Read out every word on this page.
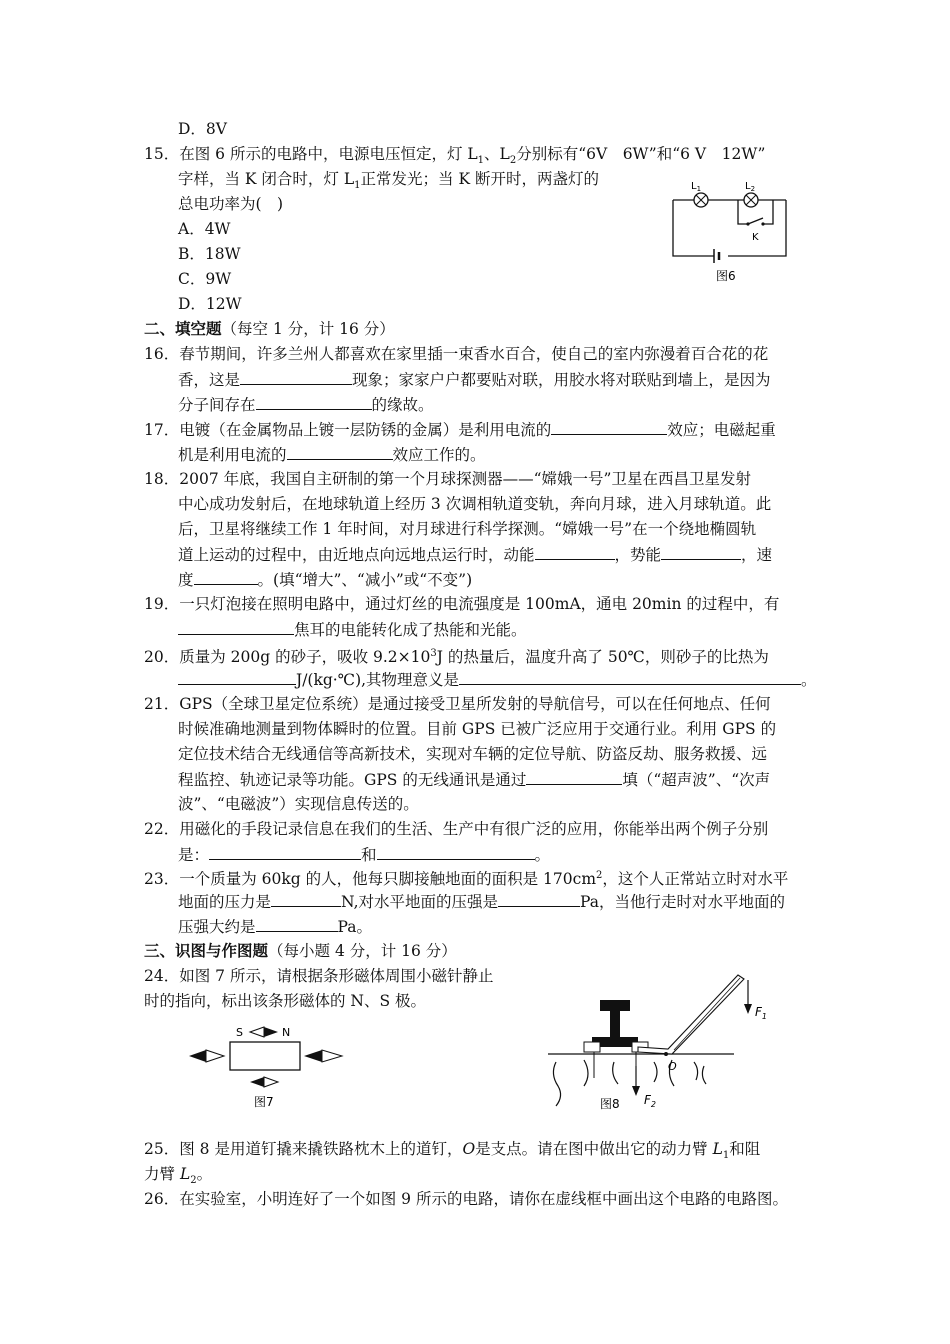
D．8V
15．在图 6 所示的电路中，电源电压恒定，灯 $L_1$、$L_2$分别标有“6V　6W”和“6 V　12W”
字样，当 K 闭合时，灯 $L_1$正常发光；当 K 断开时，两盏灯的
总电功率为(　)
A．4W
B．18W
C．9W
D．12W
$L_1$	$L_2$
K
图6
二、填空题（每空 1 分，计 16 分）
16．春节期间，许多兰州人都喜欢在家里插一束香水百合，使自己的室内弥漫着百合花的花
香，这是	现象；家家户户都要贴对联，用胶水将对联贴到墙上，是因为
分子间存在	的缘故。
17．电镀（在金属物品上镀一层防锈的金属）是利用电流的	效应；电磁起重
机是利用电流的	效应工作的。
18．2007 年底，我国自主研制的第一个月球探测器——“嫦娥一号”卫星在西昌卫星发射
中心成功发射后，在地球轨道上经历 3 次调相轨道变轨，奔向月球，进入月球轨道。此
后，卫星将继续工作 1 年时间，对月球进行科学探测。“嫦娥一号”在一个绕地椭圆轨
道上运动的过程中，由近地点向远地点运行时，动能	，势能	，速
度	。(填“增大”、“减小”或“不变”)
19．一只灯泡接在照明电路中，通过灯丝的电流强度是 100mA，通电 20min 的过程中，有
焦耳的电能转化成了热能和光能。
20．质量为 200g 的砂子，吸收 $9.2\times 10^3J$ 的热量后，温度升高了 50℃，则砂子的比热为
J/(kg·℃),其物理意义是	。
21．GPS（全球卫星定位系统）是通过接受卫星所发射的导航信号，可以在任何地点、任何
时候准确地测量到物体瞬时的位置。目前 GPS 已被广泛应用于交通行业。利用 GPS 的
定位技术结合无线通信等高新技术，实现对车辆的定位导航、防盗反劫、服务救援、远
程监控、轨迹记录等功能。GPS 的无线通讯是通过	填（“超声波”、“次声
波”、“电磁波”）实现信息传送的。
22．用磁化的手段记录信息在我们的生活、生产中有很广泛的应用，你能举出两个例子分别
是：	和	。
23．一个质量为 60kg 的人，他每只脚接触地面的面积是 $170cm^2$，这个人正常站立时对水平
地面的压力是	N,对水平地面的压强是	Pa，当他行走时对水平地面的
压强大约是	Pa。
三、识图与作图题（每小题 4 分，计 16 分）
24．如图 7 所示，请根据条形磁体周围小磁针静止
时的指向，标出该条形磁体的 N、S 极。
S	N
图7
O
$F_1$
$F_2$
图8
25．图 8 是用道钉撬来撬铁路枕木上的道钉，O是支点。请在图中做出它的动力臂 $L_1$和阻
力臂 $L_2$。
26．在实验室，小明连好了一个如图 9 所示的电路，请你在虚线框中画出这个电路的电路图。
